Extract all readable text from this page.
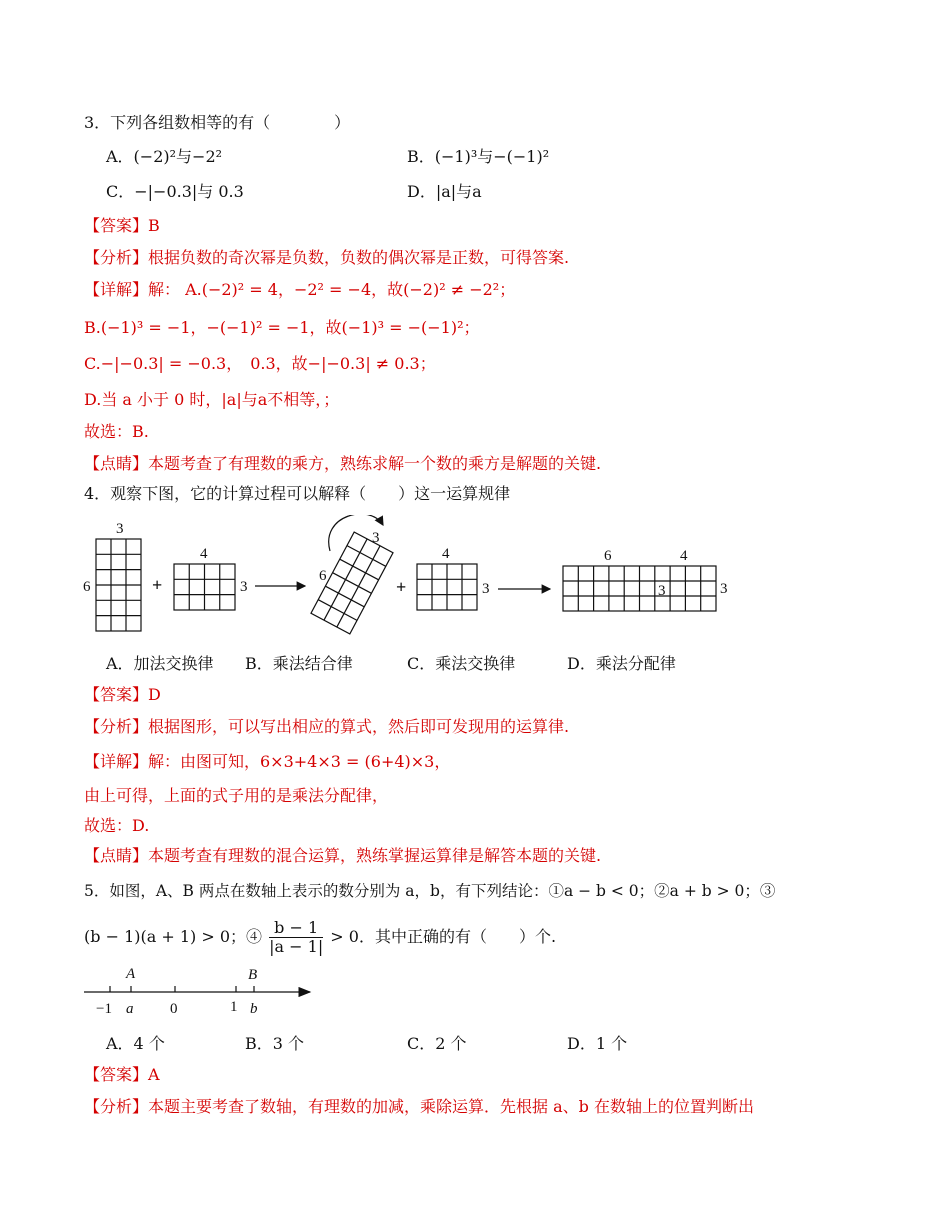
3．下列各组数相等的有（　　　　）
A．(−2)²与−2²	B．(−1)³与−(−1)²
C．−|−0.3|与 0.3	D．|a|与a
【答案】B
【分析】根据负数的奇次幂是负数，负数的偶次幂是正数，可得答案.
【详解】解： A.(−2)² = 4，−2² = −4，故(−2)² ≠ −2²；
B.(−1)³ = −1，−(−1)² = −1，故(−1)³ = −(−1)²；
C.−|−0.3| = −0.3，　0.3，故−|−0.3| ≠ 0.3；
D.当 a 小于 0 时，|a|与a不相等，；
故选：B.
【点睛】本题考查了有理数的乘方，熟练求解一个数的乘方是解题的关键.
4．观察下图，它的计算过程可以解释（　　）这一运算规律
3
6	+
4
3
3
6
+
4
3
6	4
3	3
A．加法交换律 B．乘法结合律	C．乘法交换律	D．乘法分配律
【答案】D
【分析】根据图形，可以写出相应的算式，然后即可发现用的运算律.
【详解】解：由图可知，6×3+4×3 = (6+4)×3，
由上可得，上面的式子用的是乘法分配律，
故选：D.
【点睛】本题考查有理数的混合运算，熟练掌握运算律是解答本题的关键.
5．如图，A、B 两点在数轴上表示的数分别为 a，b，有下列结论：①a − b < 0；②a + b > 0；③
(b − 1)(a + 1) > 0；④ $\frac{b - 1}{|a - 1|} > 0$．其中正确的有（　　）个.
A	B
−1 a 0	1 b
A．4 个	B．3 个	C．2 个	D．1 个
【答案】A
【分析】本题主要考查了数轴，有理数的加减，乘除运算．先根据 a、b 在数轴上的位置判断出
